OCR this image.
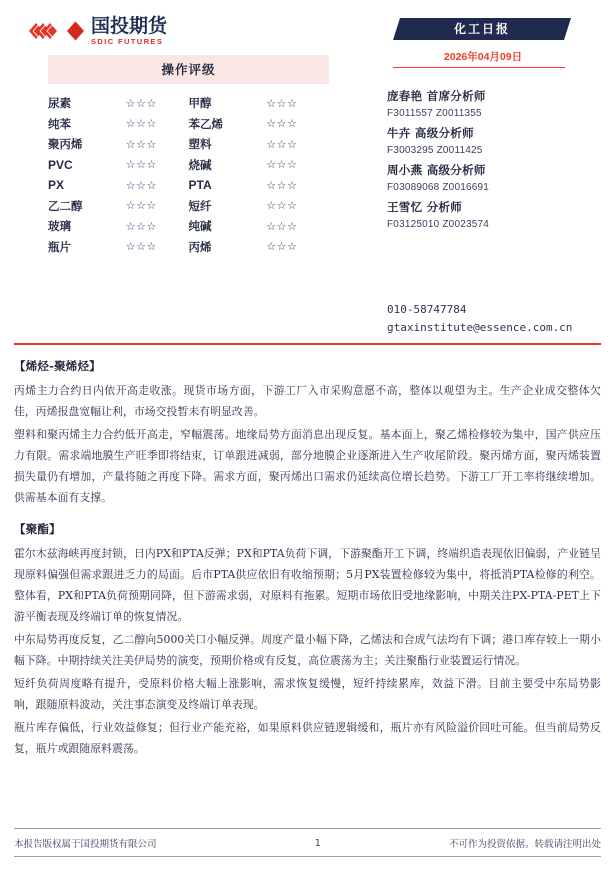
国投期货
SDIC FUTURES
操作评级
尿素	☆☆☆	甲醇	☆☆☆
纯苯	☆☆☆	苯乙烯	☆☆☆
聚丙烯	☆☆☆	塑料	☆☆☆
PVC	☆☆☆	烧碱	☆☆☆
PX	☆☆☆	PTA	☆☆☆
乙二醇	☆☆☆	短纤	☆☆☆
玻璃	☆☆☆	纯碱	☆☆☆
瓶片	☆☆☆	丙烯	☆☆☆
化工日报
2026年04月09日
庞春艳 首席分析师
F3011557 Z0011355
牛卉 高级分析师
F3003295 Z0011425
周小燕 高级分析师
F03089068 Z0016691
王雪忆 分析师
F03125010 Z0023574
010-58747784
gtaxinstitute@essence.com.cn
【烯烃-聚烯烃】
丙烯主力合约日内依开高走收涨。现货市场方面，下游工厂入市采购意愿不高，整体以观望为主。生产企业成交整体欠佳，丙烯报盘宽幅让利，市场交投暂未有明显改善。
塑料和聚丙烯主力合约低开高走，窄幅震荡。地缘局势方面消息出现反复。基本面上，聚乙烯检修较为集中，国产供应压力有限。需求端地膜生产旺季即将结束，订单跟进减弱，部分地膜企业逐渐进入生产收尾阶段。聚丙烯方面，聚丙烯装置损失量仍有增加，产量将随之再度下降。需求方面，聚丙烯出口需求仍延续高位增长趋势。下游工厂开工率将继续增加。供需基本面有支撑。
【聚酯】
霍尔木兹海峡再度封锁，日内PX和PTA反弹；PX和PTA负荷下调，下游聚酯开工下调，终端织造表现依旧偏弱，产业链呈现原料偏强但需求跟进乏力的局面。后市PTA供应依旧有收缩预期；5月PX装置检修较为集中，将抵消PTA检修的利空。整体看，PX和PTA负荷预期同降，但下游需求弱，对原料有拖累。短期市场依旧受地缘影响，中期关注PX-PTA-PET上下游平衡表现及终端订单的恢复情况。
中东局势再度反复，乙二醇向5000关口小幅反弹。周度产量小幅下降，乙烯法和合成气法均有下调；港口库存较上一期小幅下降。中期持续关注美伊局势的演变，预期价格或有反复，高位震荡为主；关注聚酯行业装置运行情况。
短纤负荷周度略有提升，受原料价格大幅上涨影响，需求恢复缓慢，短纤持续累库，效益下滑。目前主要受中东局势影响，跟随原料波动，关注事态演变及终端订单表现。
瓶片库存偏低，行业效益修复；但行业产能充裕，如果原料供应链逻辑缓和，瓶片亦有风险溢价回吐可能。但当前局势反复，瓶片或跟随原料震荡。
本报告版权属于国投期货有限公司	1	不可作为投资依据。转载请注明出处
